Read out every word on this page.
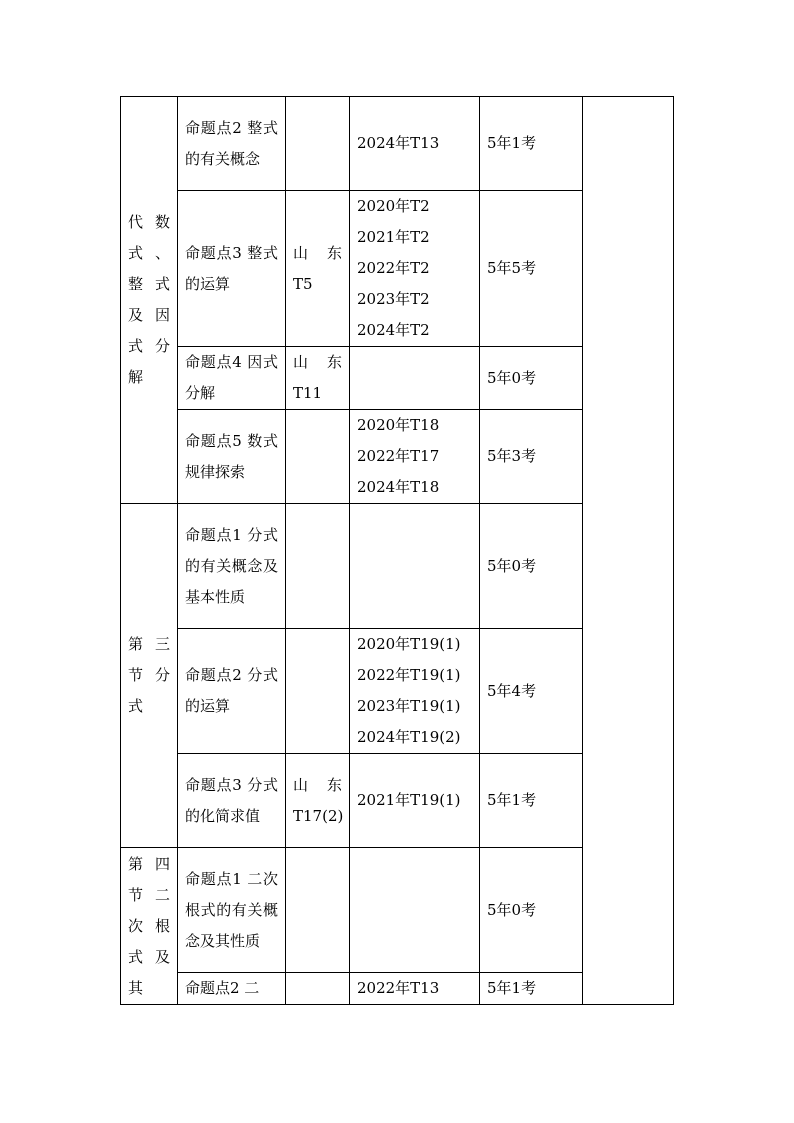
代数式、整式及因式分解	命题点2 整式的有关概念		2024年T13	5年1考	
	命题点3 整式的运算	山 东 T5	2020年T2
2021年T2
2022年T2
2023年T2
2024年T2	5年5考	
	命题点4 因式分解	山 东 T11		5年0考	
	命题点5 数式规律探索		2020年T18
2022年T17
2024年T18	5年3考	
第三节 分式	命题点1 分式的有关概念及基本性质			5年0考	
	命题点2 分式的运算		2020年T19(1)
2022年T19(1)
2023年T19(1)
2024年T19(2)	5年4考	
	命题点3 分式的化简求值	山 东 T17(2)	2021年T19(1)	5年1考	
第四节 二次根式及其	命题点1 二次根式的有关概念及其性质			5年0考	
	命题点2 二		2022年T13	5年1考	
